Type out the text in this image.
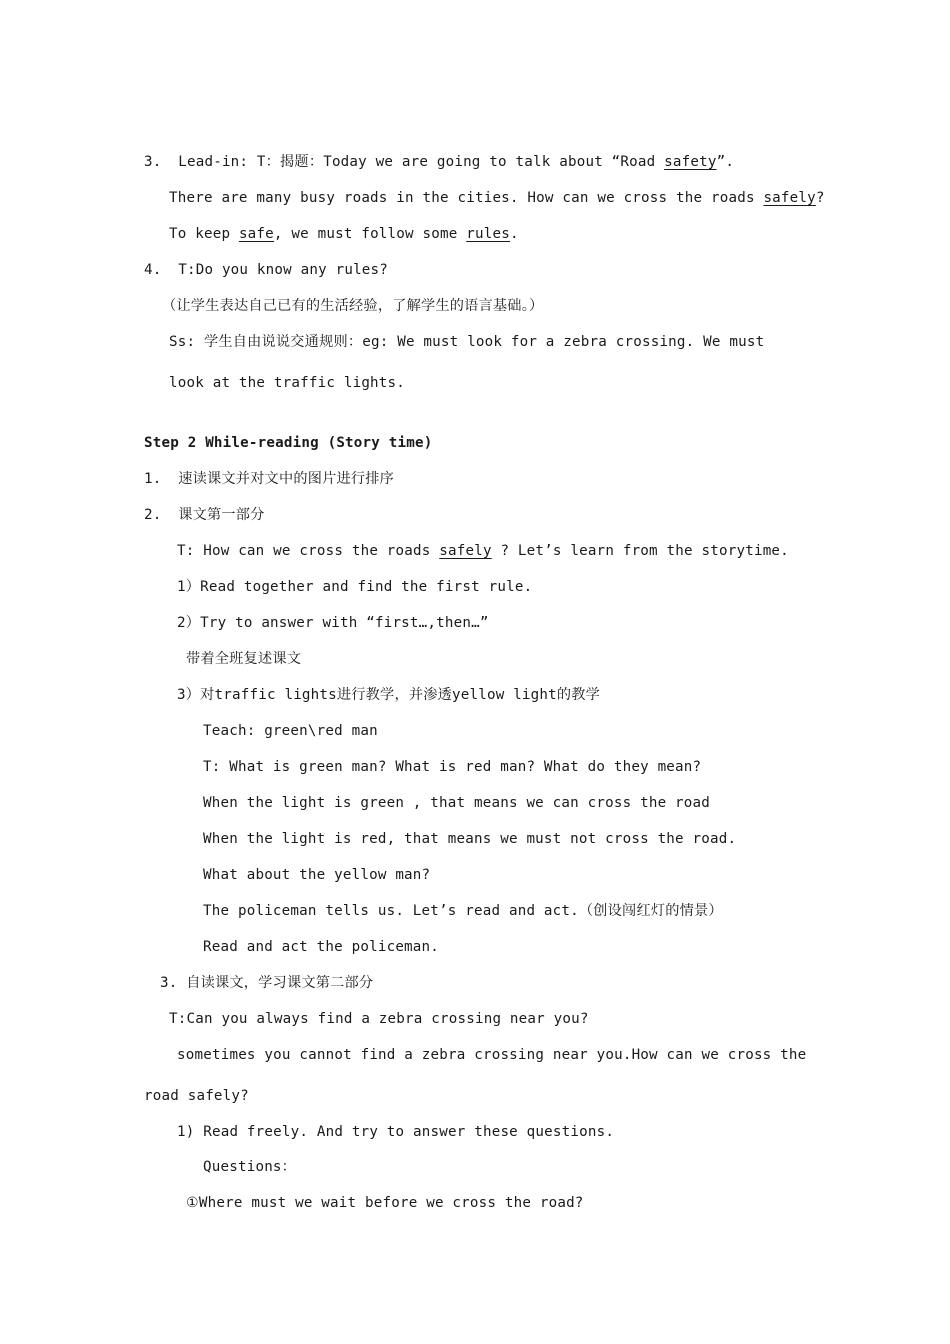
3. Lead-in: T：揭题：Today we are going to talk about “Road safety”.
There are many busy roads in the cities. How can we cross the roads safely?
To keep safe, we must follow some rules.
4. T:Do you know any rules?
（让学生表达自己已有的生活经验，了解学生的语言基础。）
Ss: 学生自由说说交通规则：eg: We must look for a zebra crossing. We must
look at the traffic lights.
Step 2 While-reading (Story time)
1. 速读课文并对文中的图片进行排序
2. 课文第一部分
T: How can we cross the roads safely ? Let’s learn from the storytime.
1）Read together and find the first rule.
2）Try to answer with “first…,then…”
带着全班复述课文
3）对traffic lights进行教学，并渗透yellow light的教学
Teach: green\red man
T: What is green man? What is red man? What do they mean?
When the light is green , that means we can cross the road
When the light is red, that means we must not cross the road.
What about the yellow man?
The policeman tells us. Let’s read and act.（创设闯红灯的情景）
Read and act the policeman.
3. 自读课文，学习课文第二部分
T:Can you always find a zebra crossing near you?
sometimes you cannot find a zebra crossing near you.How can we cross the
road safely?
1) Read freely. And try to answer these questions.
Questions：
①Where must we wait before we cross the road?
